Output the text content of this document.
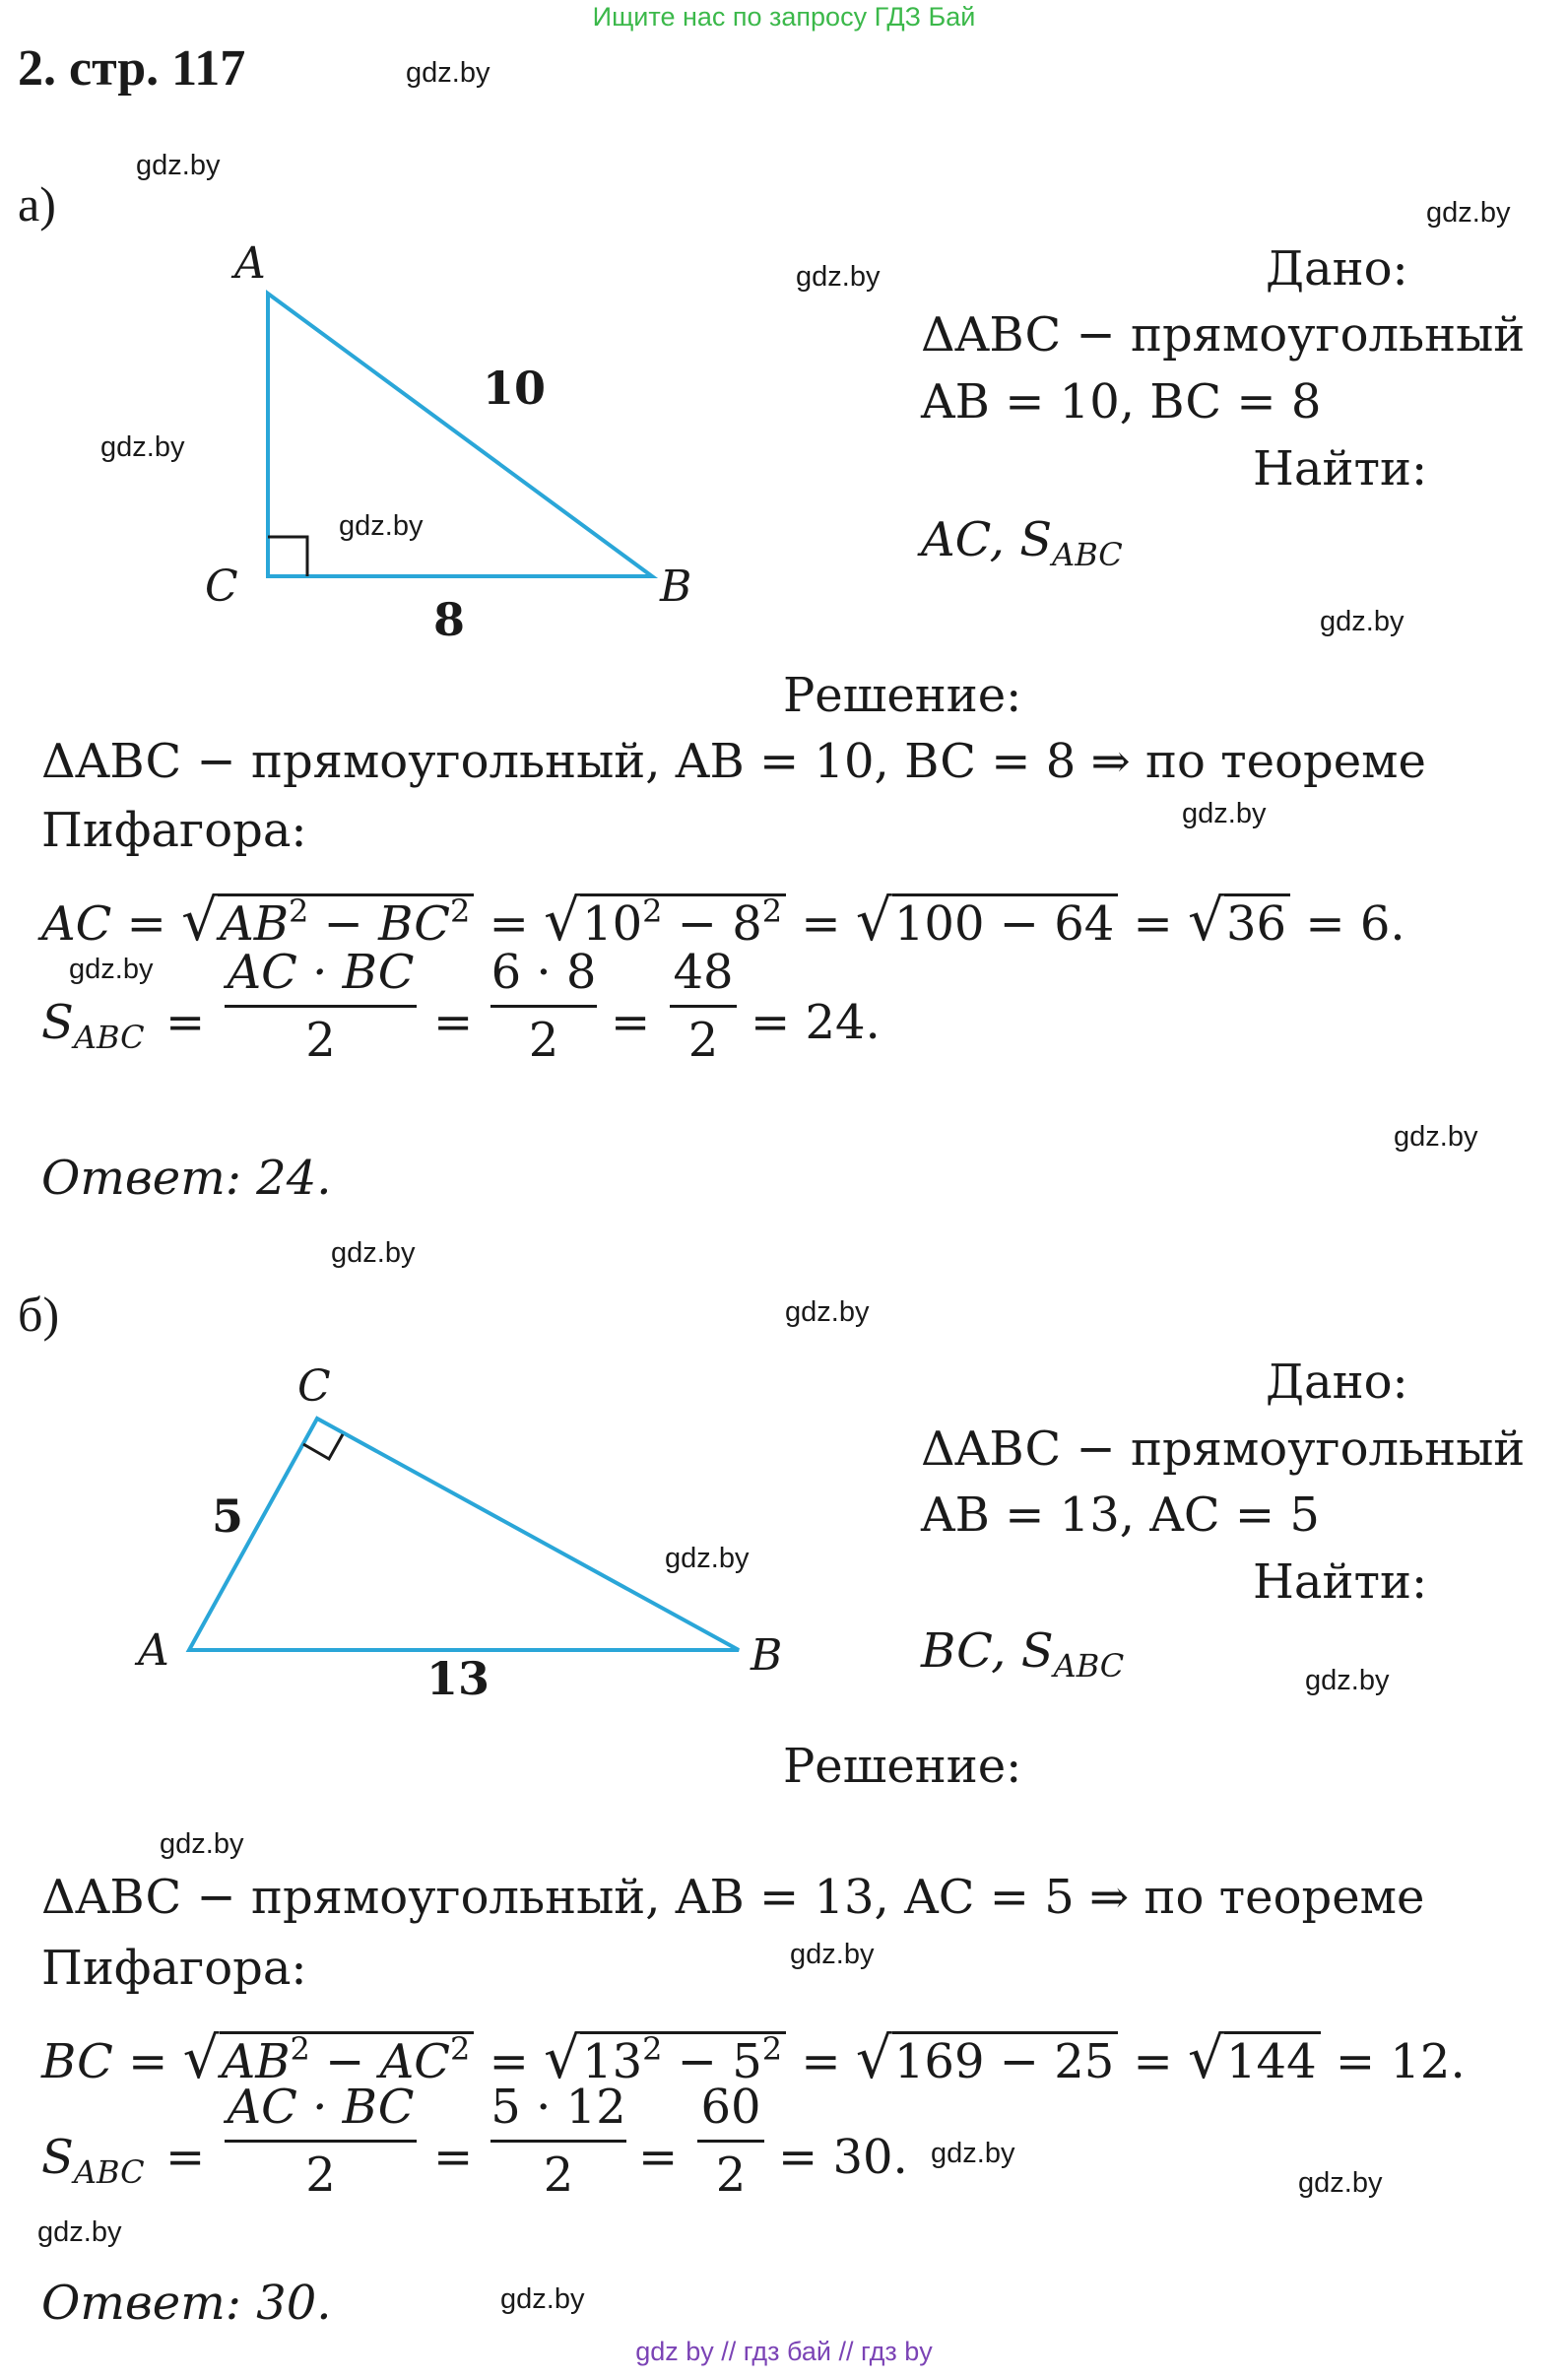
Ищите нас по запросу ГДЗ Бай
2. стр. 117	gdz.by
gdz.by
gdz.by
gdz.by
gdz.by
gdz.by
gdz.by
gdz.by
gdz.by
gdz.by
gdz.by
gdz.by
gdz.by
gdz.by
gdz.by
gdz.by
gdz.by
gdz.by
gdz.by
gdz.by
а)
A
C	B
10
8
Дано:
ΔABC − прямоугольный
AB = 10, BC = 8
Найти:
AC, $S_{ABC}$
Решение:
ΔABC − прямоугольный, AB = 10, BC = 8 ⇒ по теореме
Пифагора:
AC = $√AB^2 - BC^2 = √10^2 - 8^2 = √100 - 64 = √36 = 6$.
$S_{ABC}$ =
AC · BC
2	=
6 · 8
2	=
48
2 = 24.
Ответ: 24.
б)
C
A	B
5
13
Дано:
ΔABC − прямоугольный
AB = 13, AC = 5
Найти:
BC, $S_{ABC}$
Решение:
ΔABC − прямоугольный, AB = 13, AC = 5 ⇒ по теореме
Пифагора:
BC = $√AB^2 - AC^2 = √13^2 - 5^2 = √169 - 25 = √144 = 12$.
$S_{ABC}$ =
AC · BC
2	=
5 · 12
2	=
60
2 = 30.
Ответ: 30.
gdz by // гдз бай // гдз by
